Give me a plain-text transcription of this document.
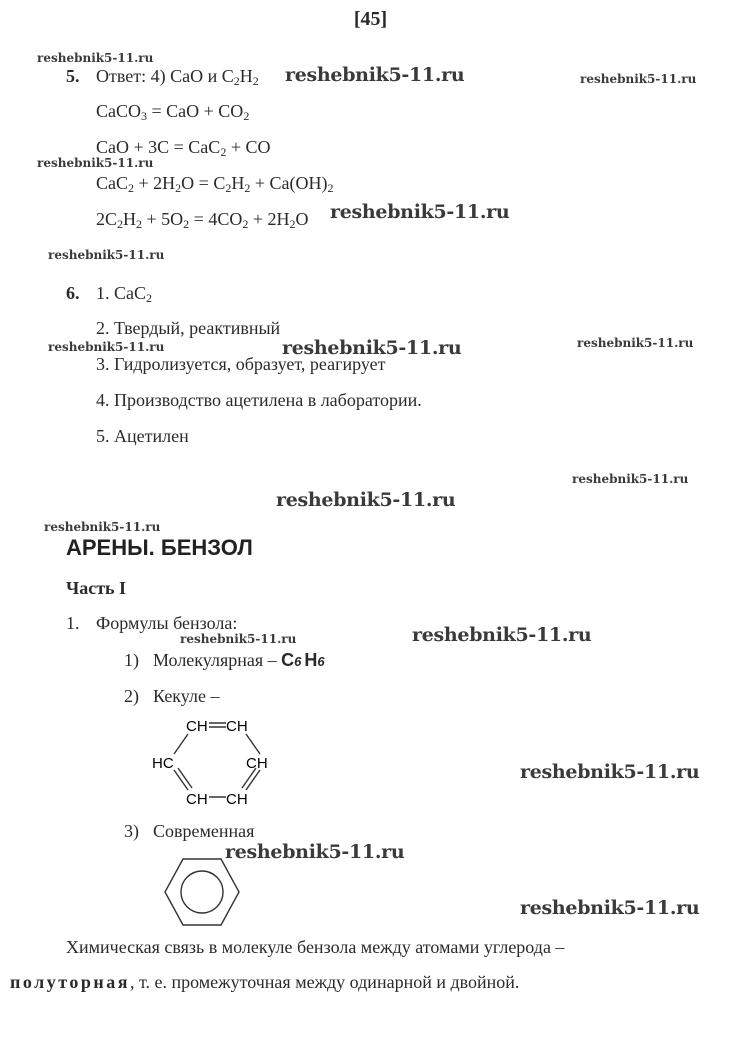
[45]
reshebnik5-11.ru
reshebnik5-11.ru	reshebnik5-11.ru
reshebnik5-11.ru
reshebnik5-11.ru
reshebnik5-11.ru
reshebnik5-11.ru	reshebnik5-11.ru	reshebnik5-11.ru
reshebnik5-11.ru
reshebnik5-11.ru
reshebnik5-11.ru
reshebnik5-11.ru	reshebnik5-11.ru
reshebnik5-11.ru
reshebnik5-11.ru
reshebnik5-11.ru
5. Ответ: 4) CaO и $C_2H_2$
CaCO$_3$ = CaO + $CO_2$
CaO + 3C = CaC$_2$ + CO
$CaC_2 + 2H_2O = C_2H_2 + Ca(OH)_2$
$2C_2H_2 + 5O_2 = 4CO_2 + 2H_2O$
6. 1. CaC$_2$
2. Твердый, реактивный
3. Гидролизуется, образует, реагирует
4. Производство ацетилена в лаборатории.
5. Ацетилен
АРЕНЫ. БЕНЗОЛ
Часть I
1. Формулы бензола:
1) Молекулярная – C6 H6
2) Кекуле –
CH CH
HC	CH
CH CH
3) Современная
Химическая связь в молекуле бензола между атомами углерода –
полуторная, т. е. промежуточная между одинарной и двойной.
